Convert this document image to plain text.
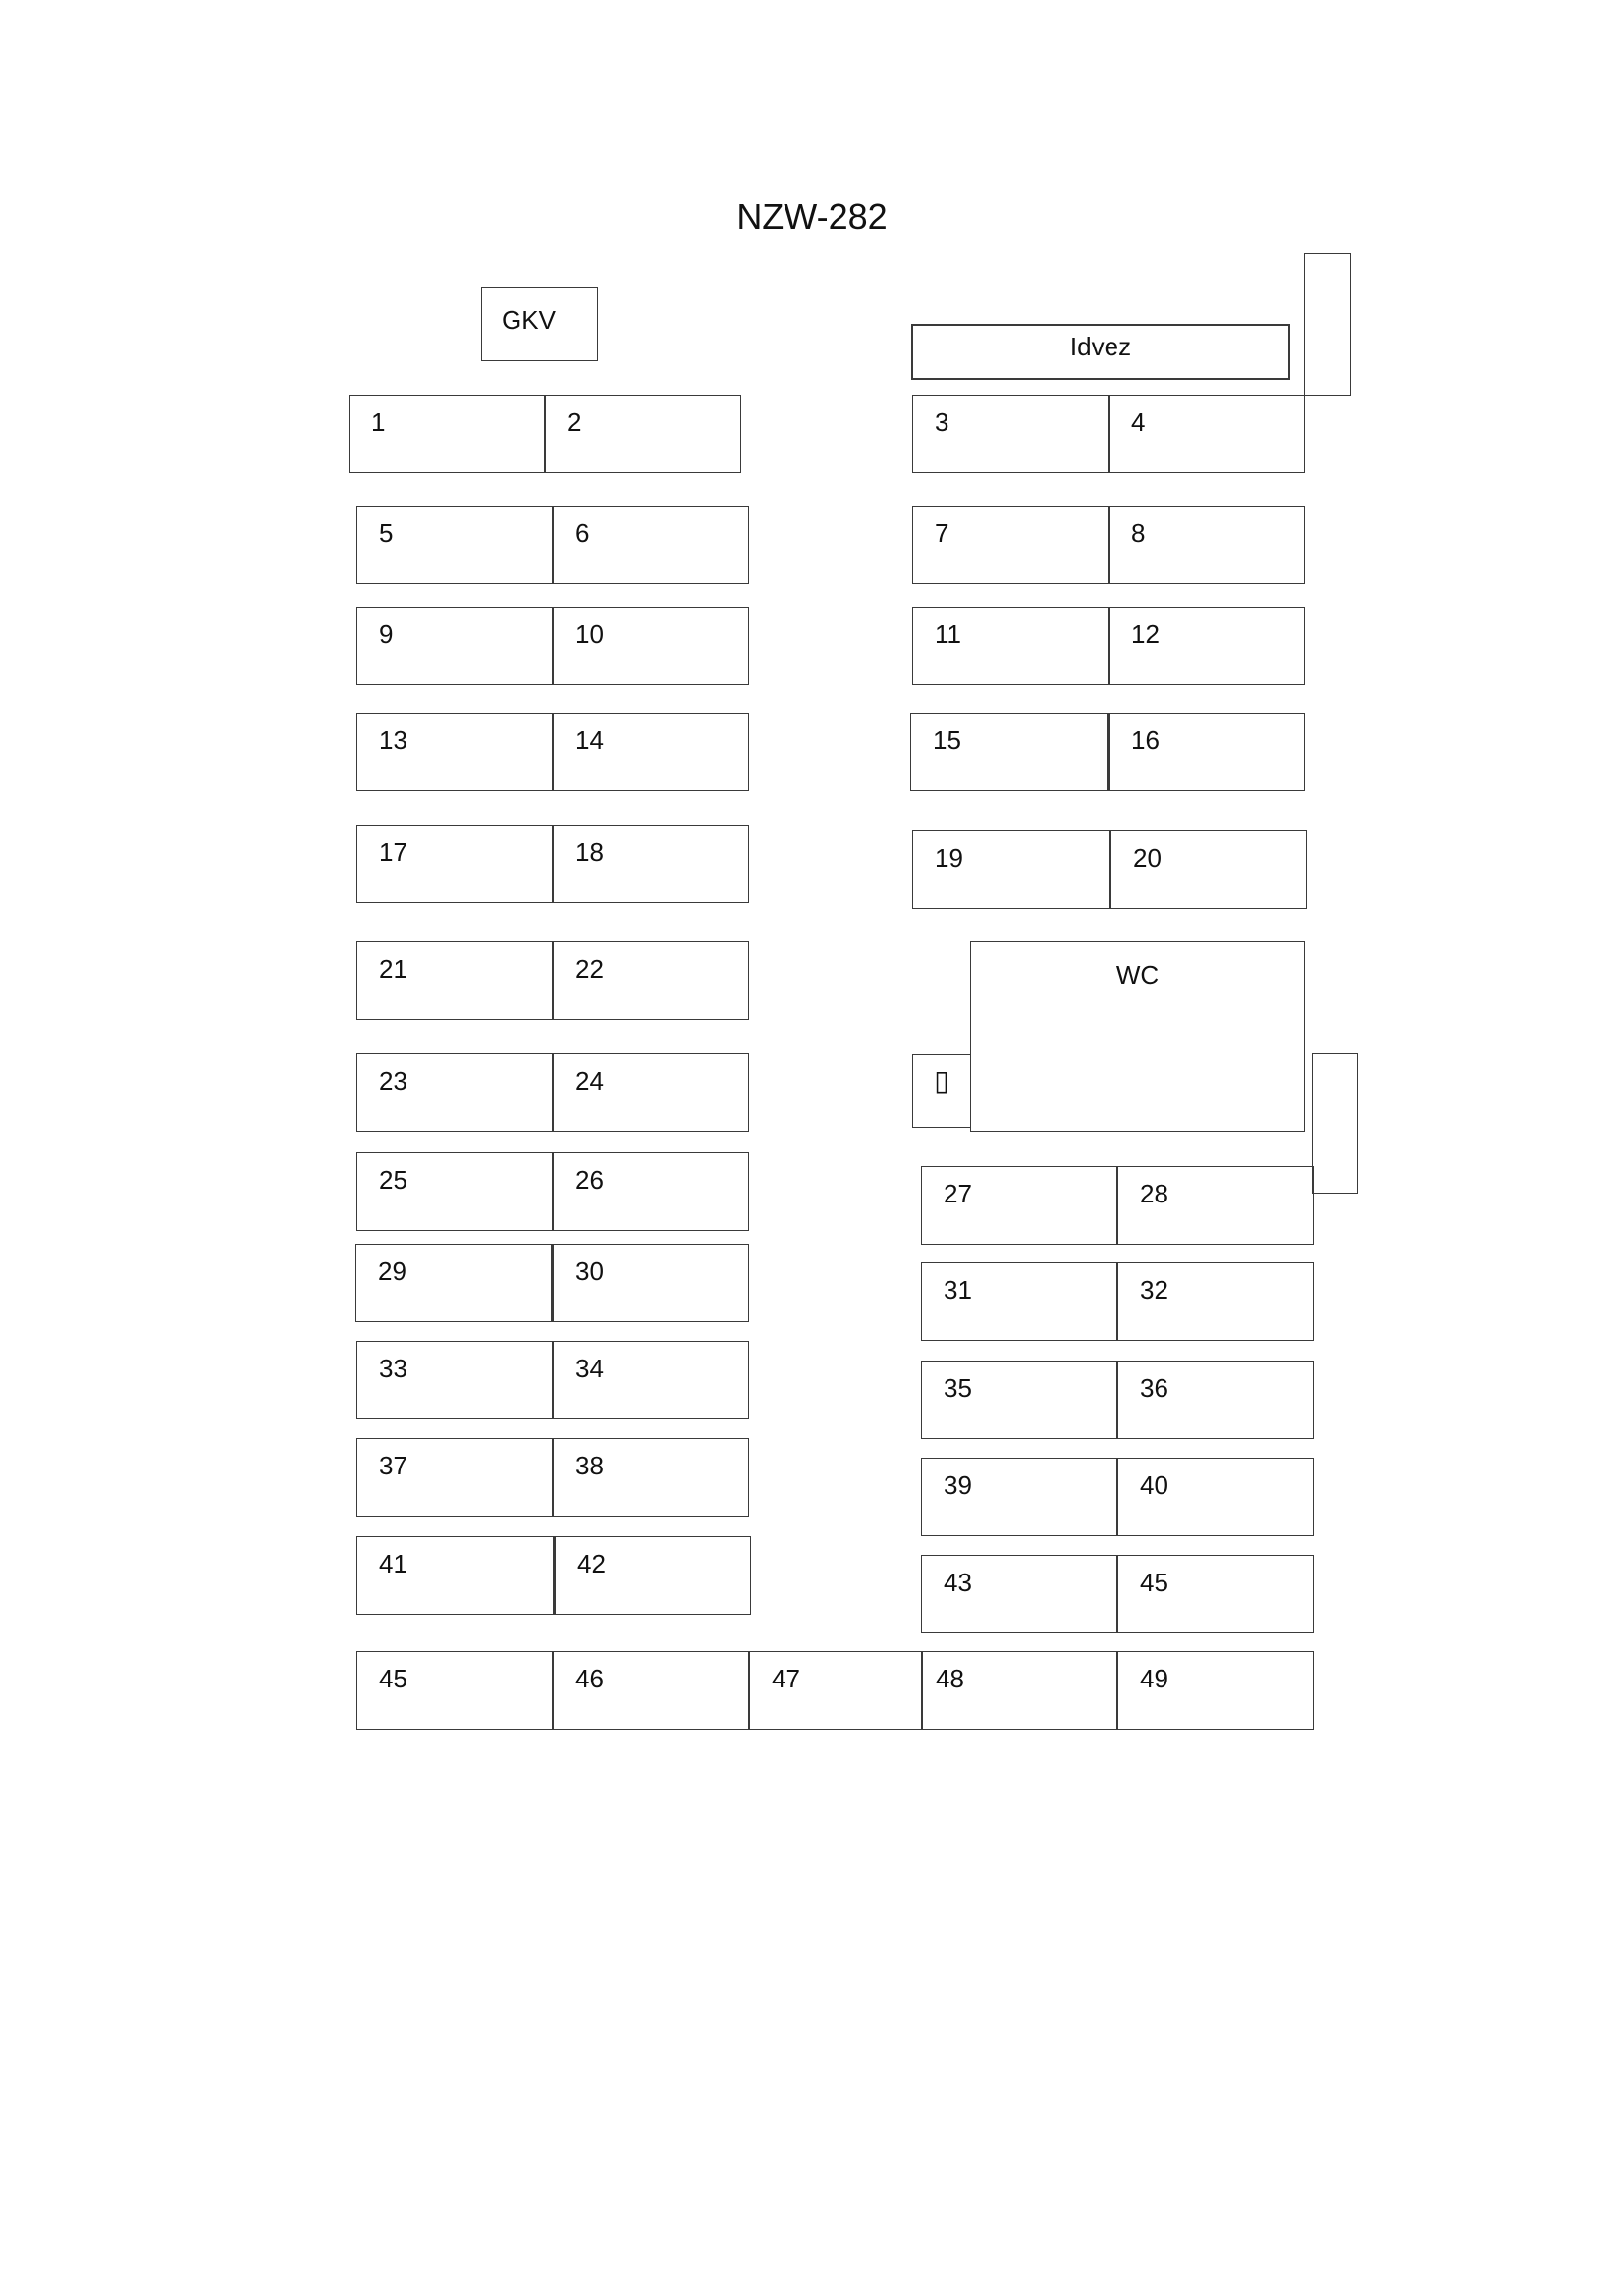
NZW-282
GKV
Idvez
1	2	3	4
5	6	7	8
9	10	11	12
13	14	15	16
17	18	19	20
21	22	WC
▯
23	24
25	26	27	28
29	30
31	32
33	34
35	36
37	38
39	40
41	42
43	45
45	46	47	48	49
